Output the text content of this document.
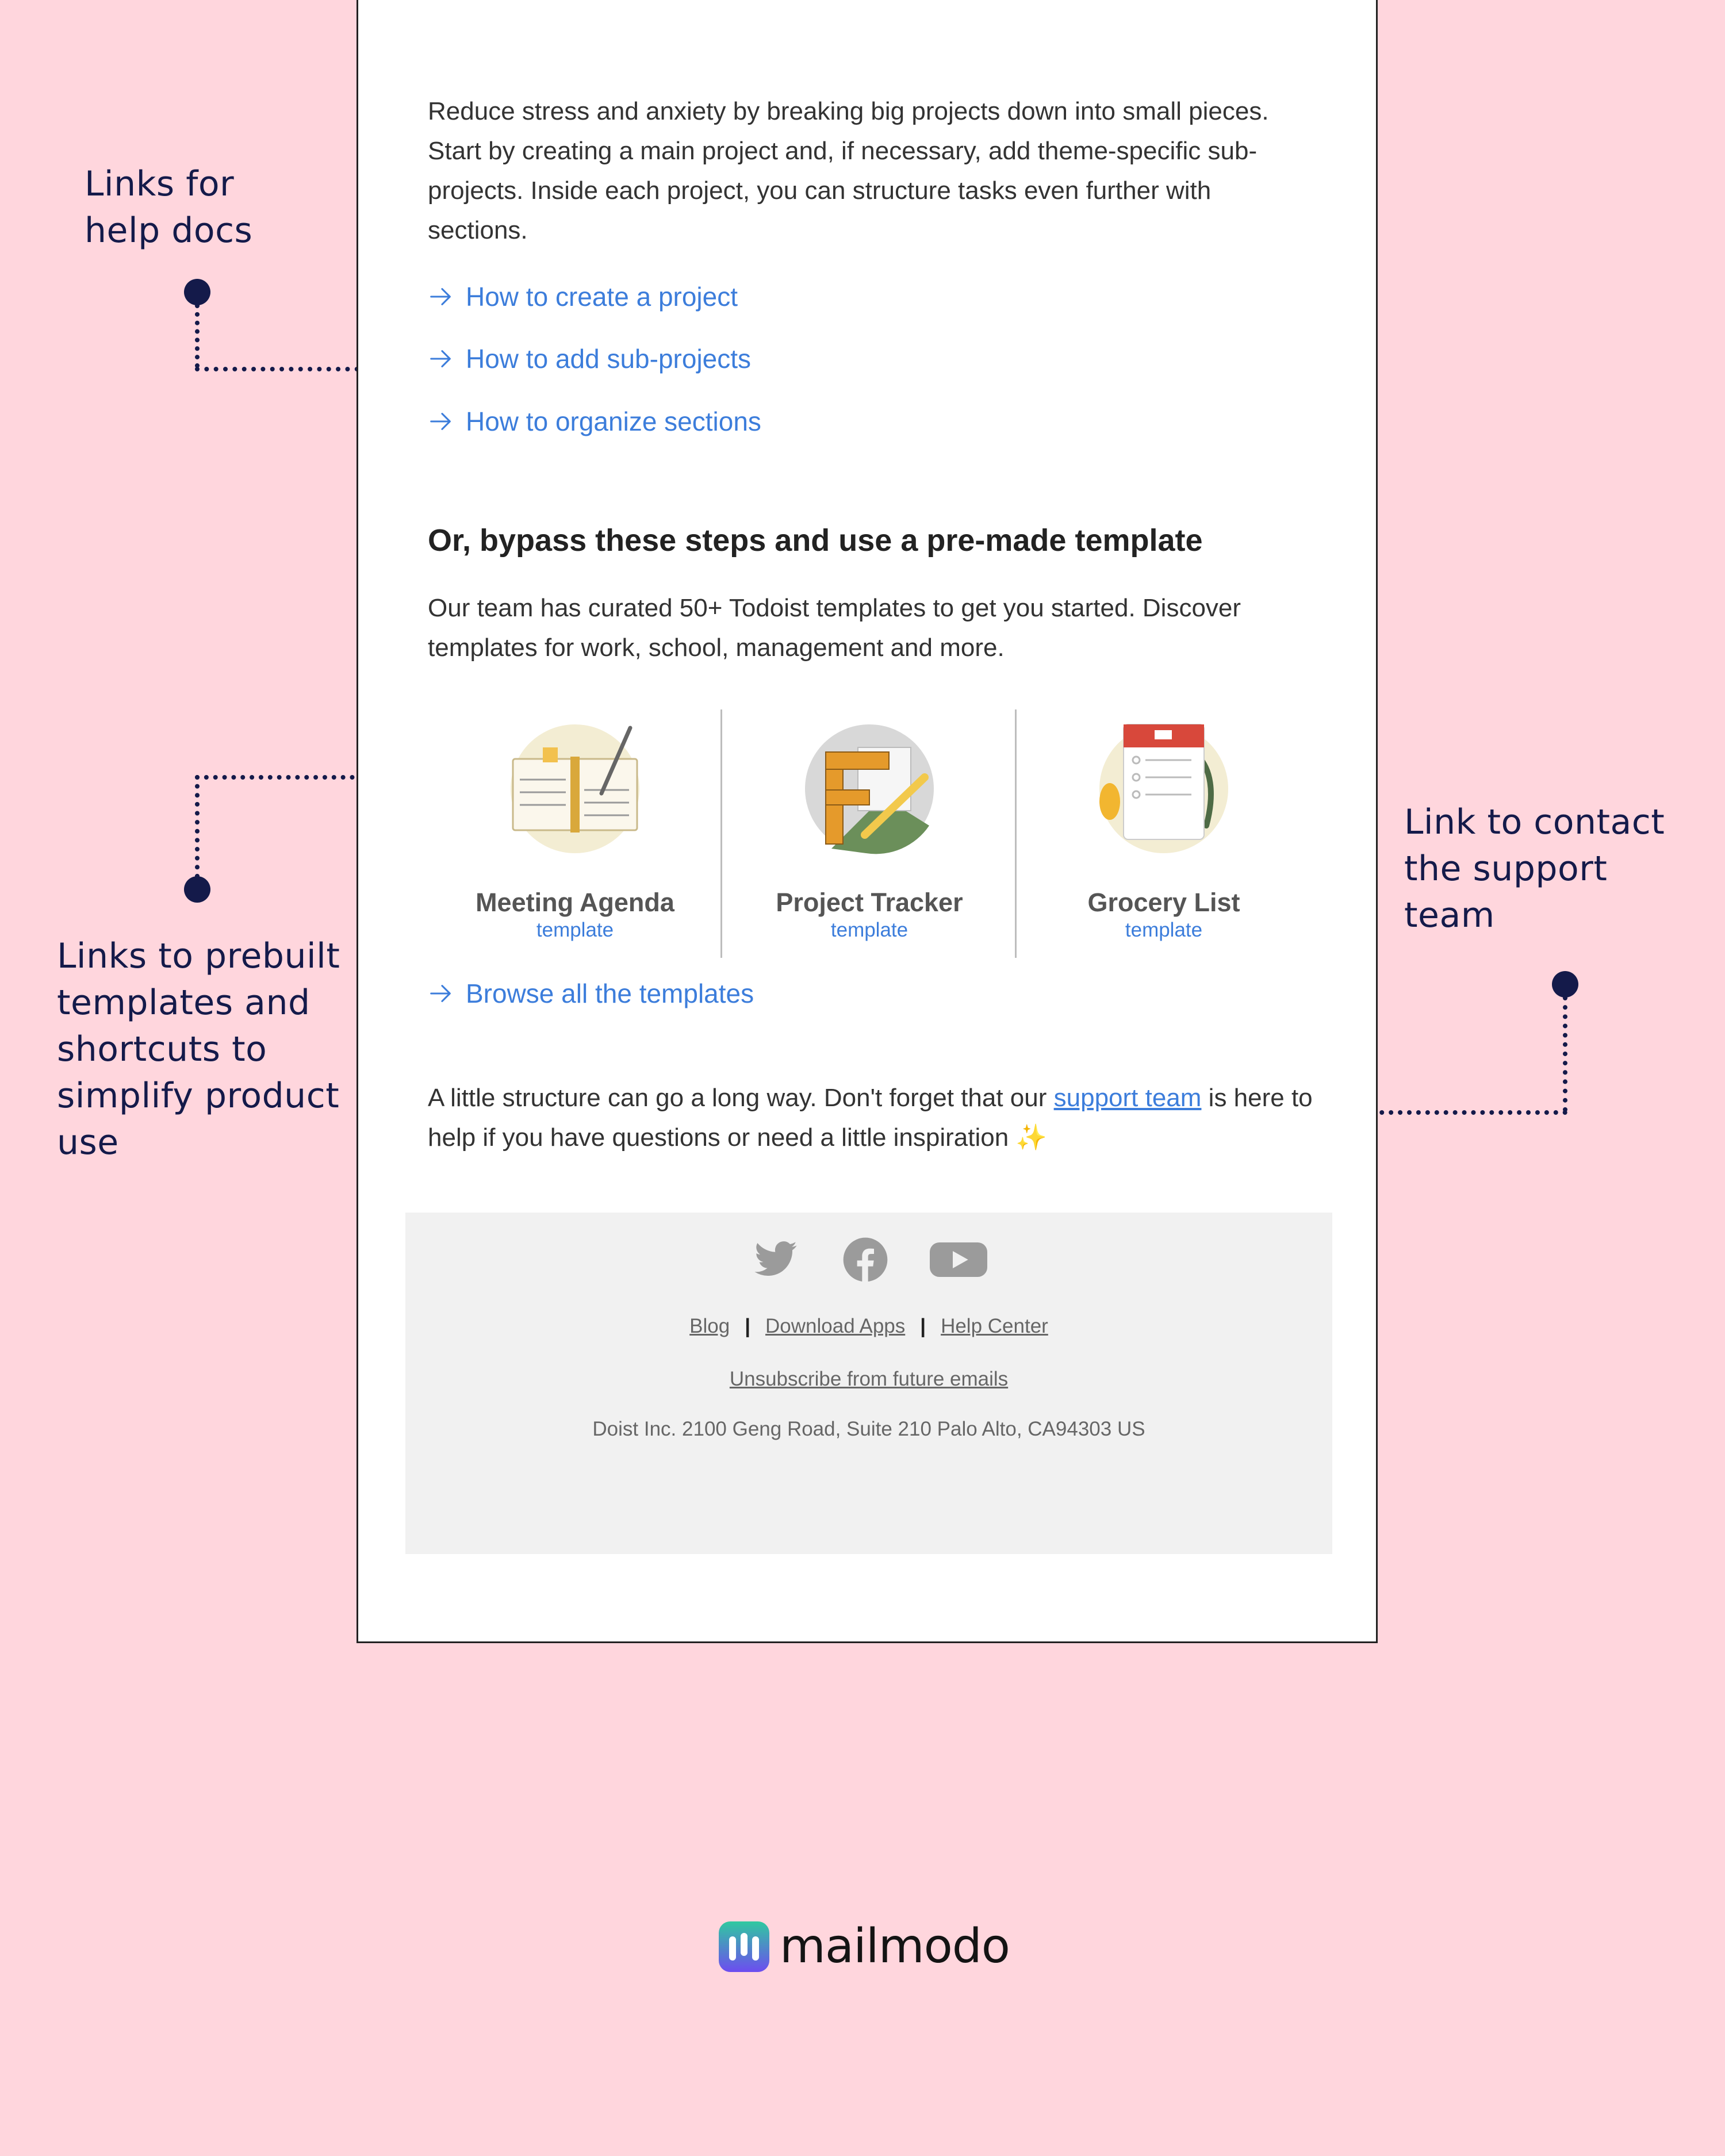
Links for help docs
Links to prebuilt templates and shortcuts to simplify product use
Link to contact the support team

Reduce stress and anxiety by breaking big projects down into small pieces. Start by creating a main project and, if necessary, add theme-specific sub-projects. Inside each project, you can structure tasks even further with sections.

How to create a project
How to add sub-projects
How to organize sections
Or, bypass these steps and use a pre-made template

Our team has curated 50+ Todoist templates to get you started. Discover templates for work, school, management and more.

Meeting Agenda
template
Project Tracker
template
Grocery List
template
Browse all the templates

A little structure can go a long way. Don't forget that our support team is here to help if you have questions or need a little inspiration ✨

Blog | Download Apps | Help Center
Unsubscribe from future emails
Doist Inc. 2100 Geng Road, Suite 210 Palo Alto, CA94303 US
mailmodo
